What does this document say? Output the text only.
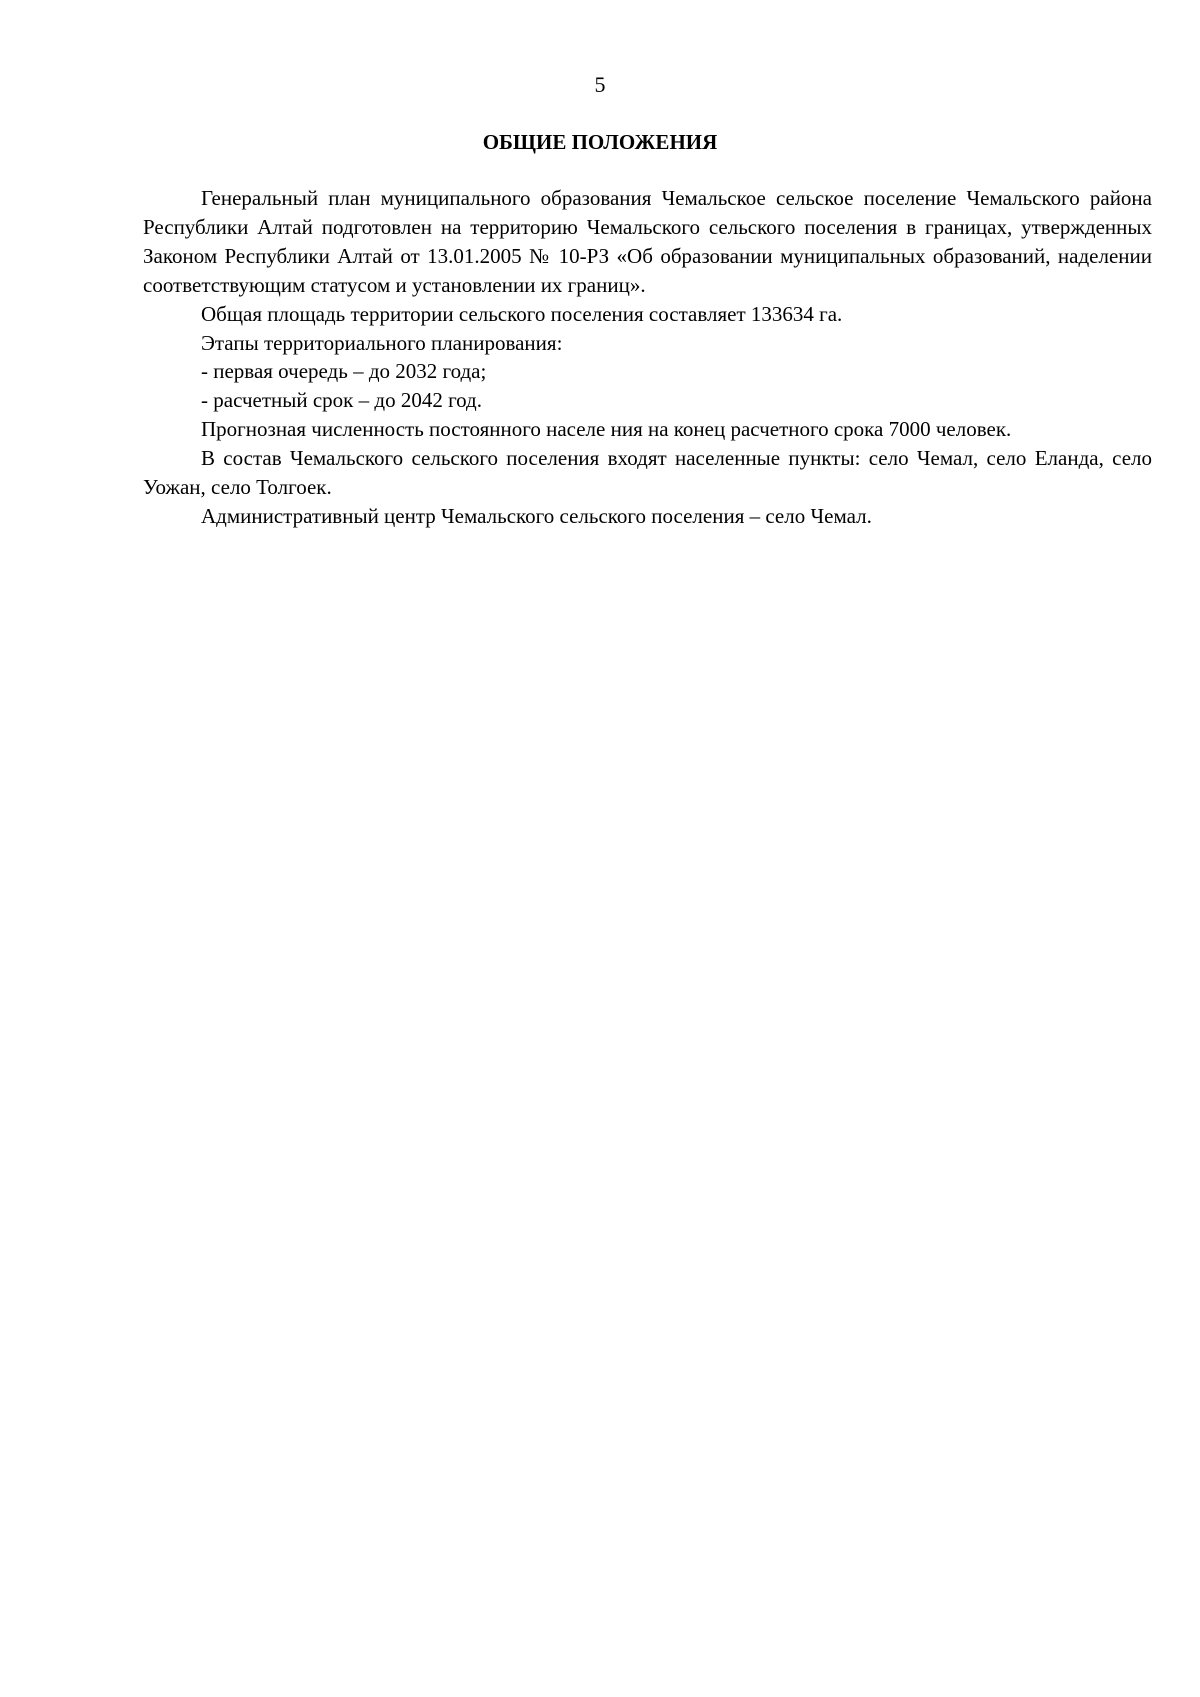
5
ОБЩИЕ ПОЛОЖЕНИЯ

Генеральный план муниципального образования Чемальское сельское поселение Чемальского района Республики Алтай подготовлен на территорию Чемальского сельского поселения в границах, утвержденных Законом Республики Алтай от 13.01.2005 № 10-РЗ «Об образовании муниципальных образований, наделении соответствующим статусом и установлении их границ».

Общая площадь территории сельского поселения составляет 133634 га.

Этапы территориального планирования:

- первая очередь – до 2032 года;

- расчетный срок – до 2042 год.

Прогнозная численность постоянного населе ния на конец расчетного срока 7000 человек.

В состав Чемальского сельского поселения входят населенные пункты: село Чемал, село Еланда, село Уожан, село Толгоек.

Административный центр Чемальского сельского поселения – село Чемал.
